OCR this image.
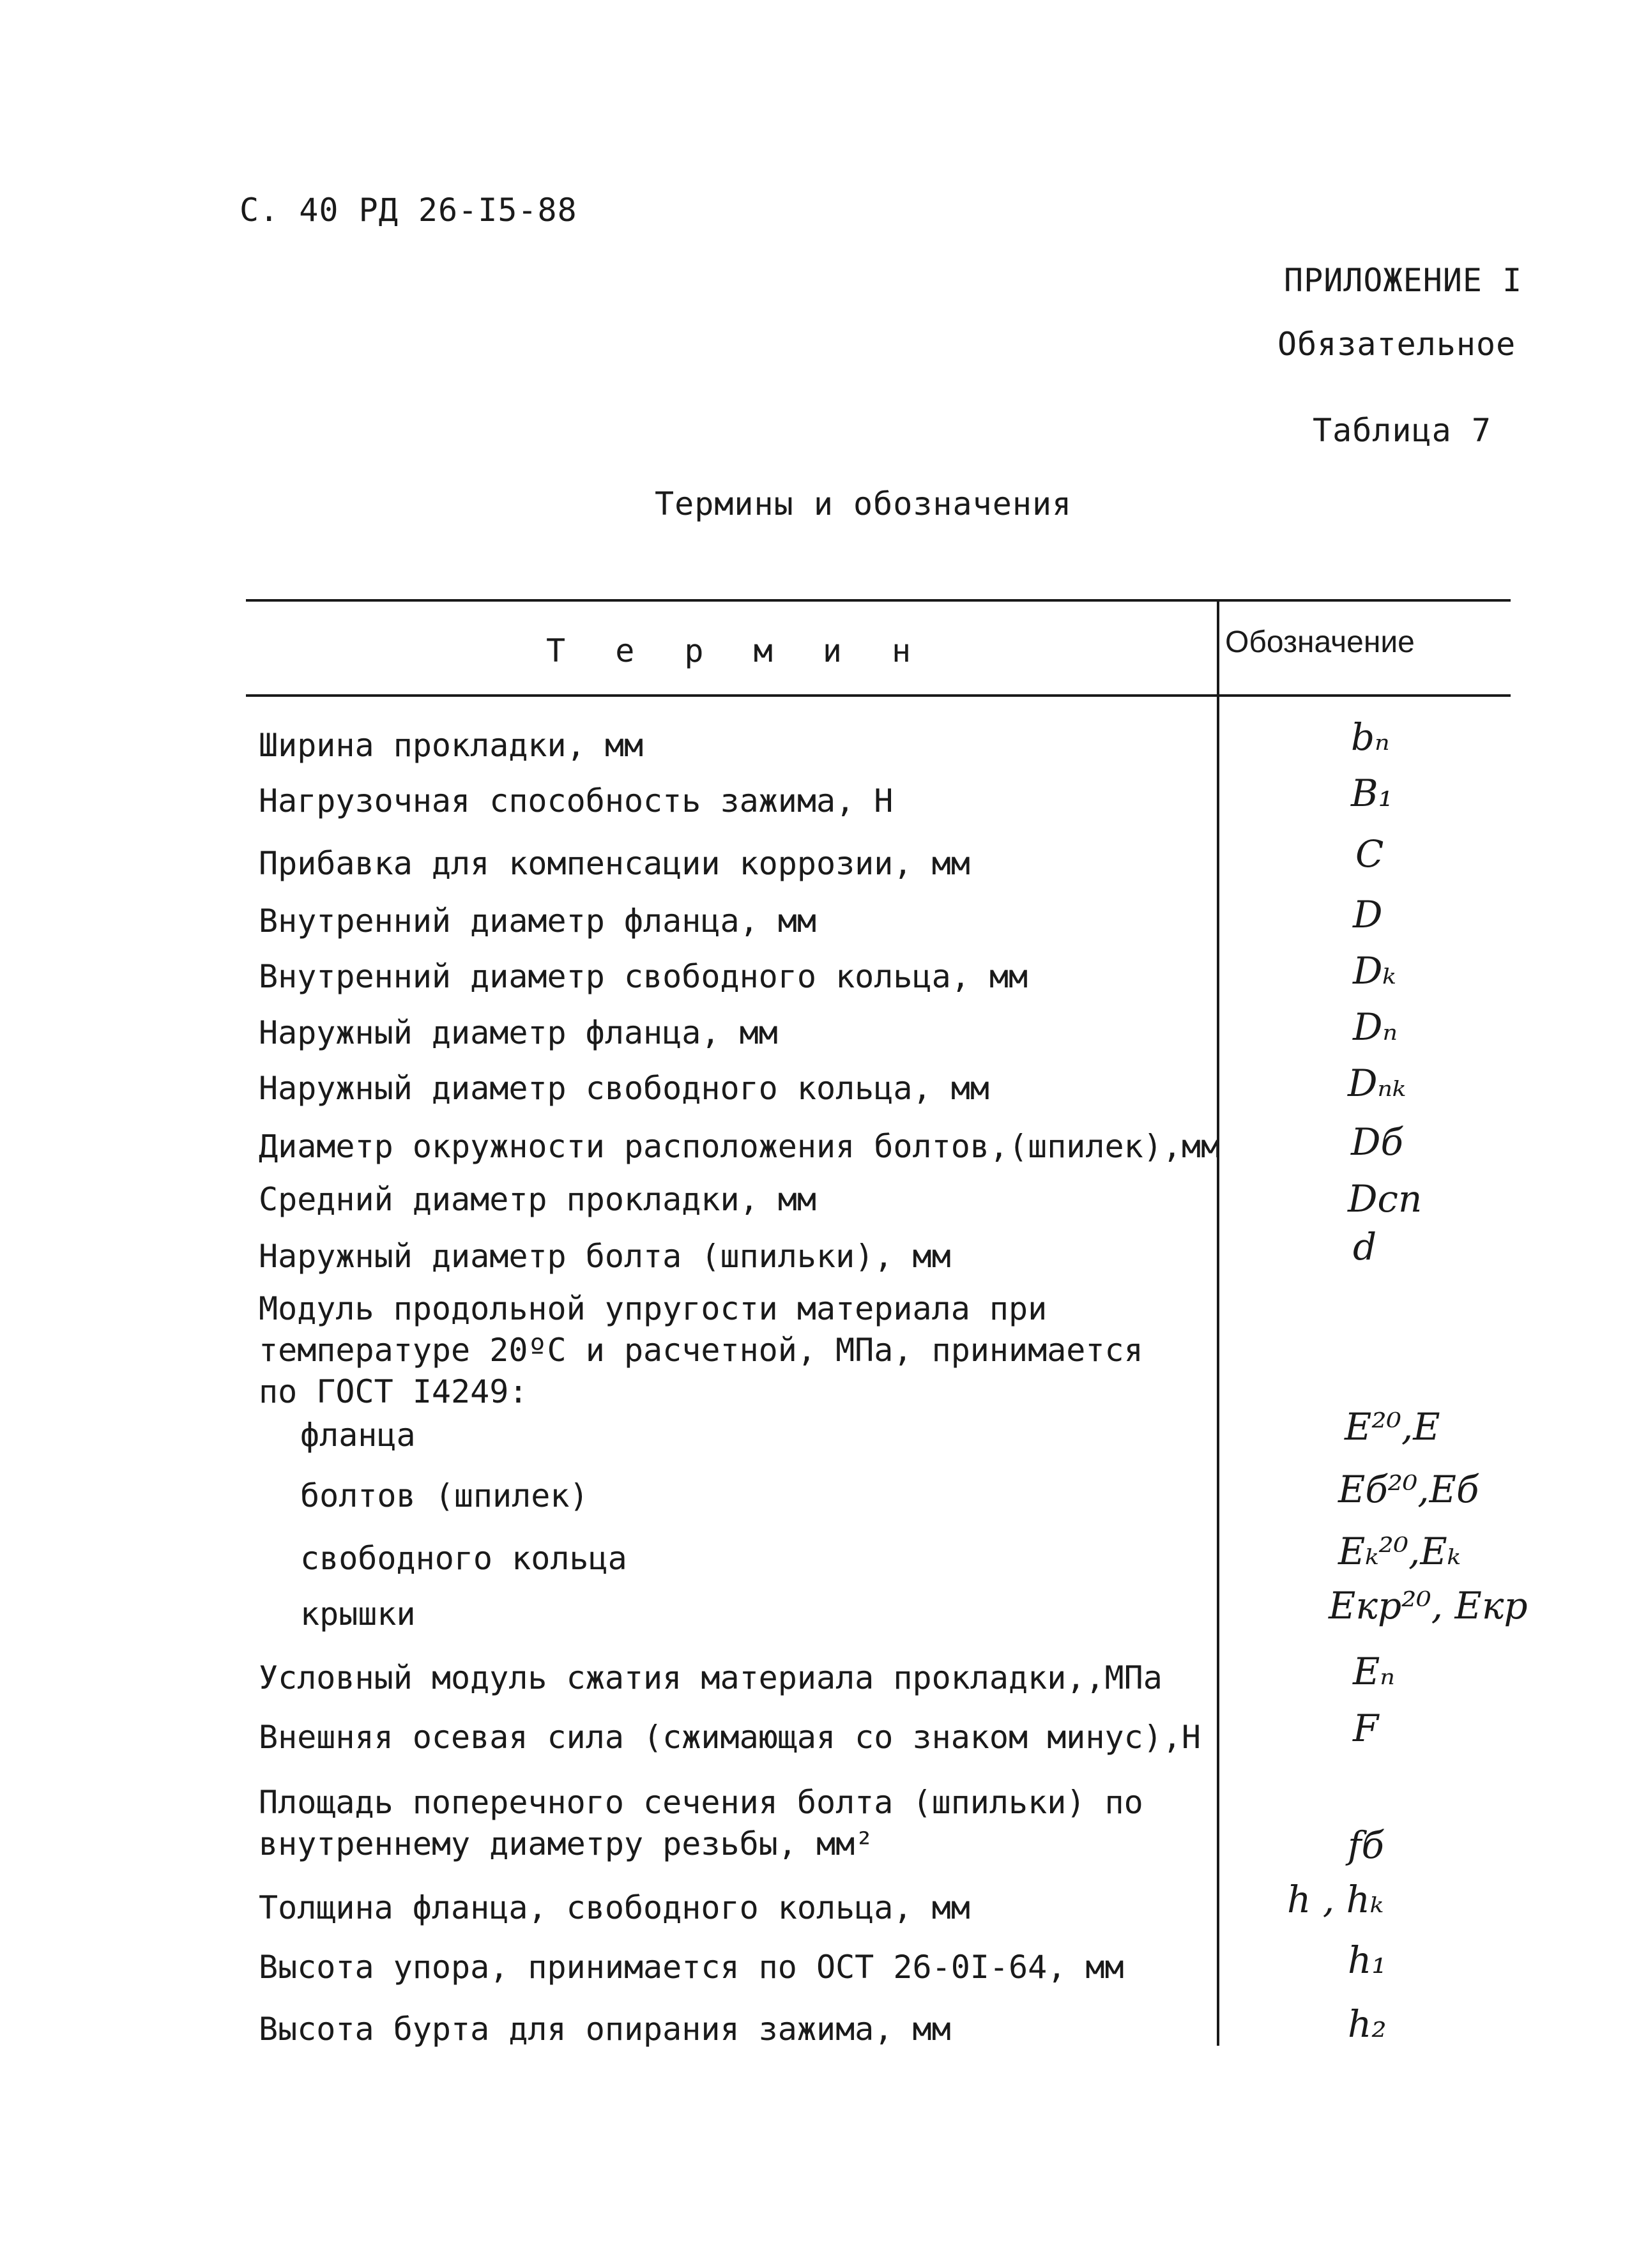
С. 40 РД 26-I5-88
ПРИЛОЖЕНИЕ I
Обязательное
Таблица 7
Термины и обозначения
Т е р м и н	Обозначение
Ширина прокладки, мм	bₙ
Нагрузочная способность зажима, Н	B₁
Прибавка для компенсации коррозии, мм	C
Внутренний диаметр фланца, мм	D
Внутренний диаметр свободного кольца, мм	Dₖ
Наружный диаметр фланца, мм	Dₙ
Наружный диаметр свободного кольца, мм	Dₙₖ
Диаметр окружности расположения болтов,(шпилек),мм	Dб
Средний диаметр прокладки, мм	Dсп
Наружный диаметр болта (шпильки), мм	d
Модуль продольной упругости материала при
температуре 20ºС и расчетной, МПа, принимается
по ГОСТ I4249:
фланца	E²⁰,E
болтов (шпилек)	Eб²⁰,Eб
свободного кольца	Eₖ²⁰,Eₖ
крышки	Eкр²⁰, Eкр
Условный модуль сжатия материала прокладки,,МПа	Eₙ
Внешняя осевая сила (сжимающая со знаком минус),Н	F
Площадь поперечного сечения болта (шпильки) по
внутреннему диаметру резьбы, мм²	fб
Толщина фланца, свободного кольца, мм	h , hₖ
Высота упора, принимается по ОСТ 26-0I-64, мм	h₁
Высота бурта для опирания зажима, мм	h₂
